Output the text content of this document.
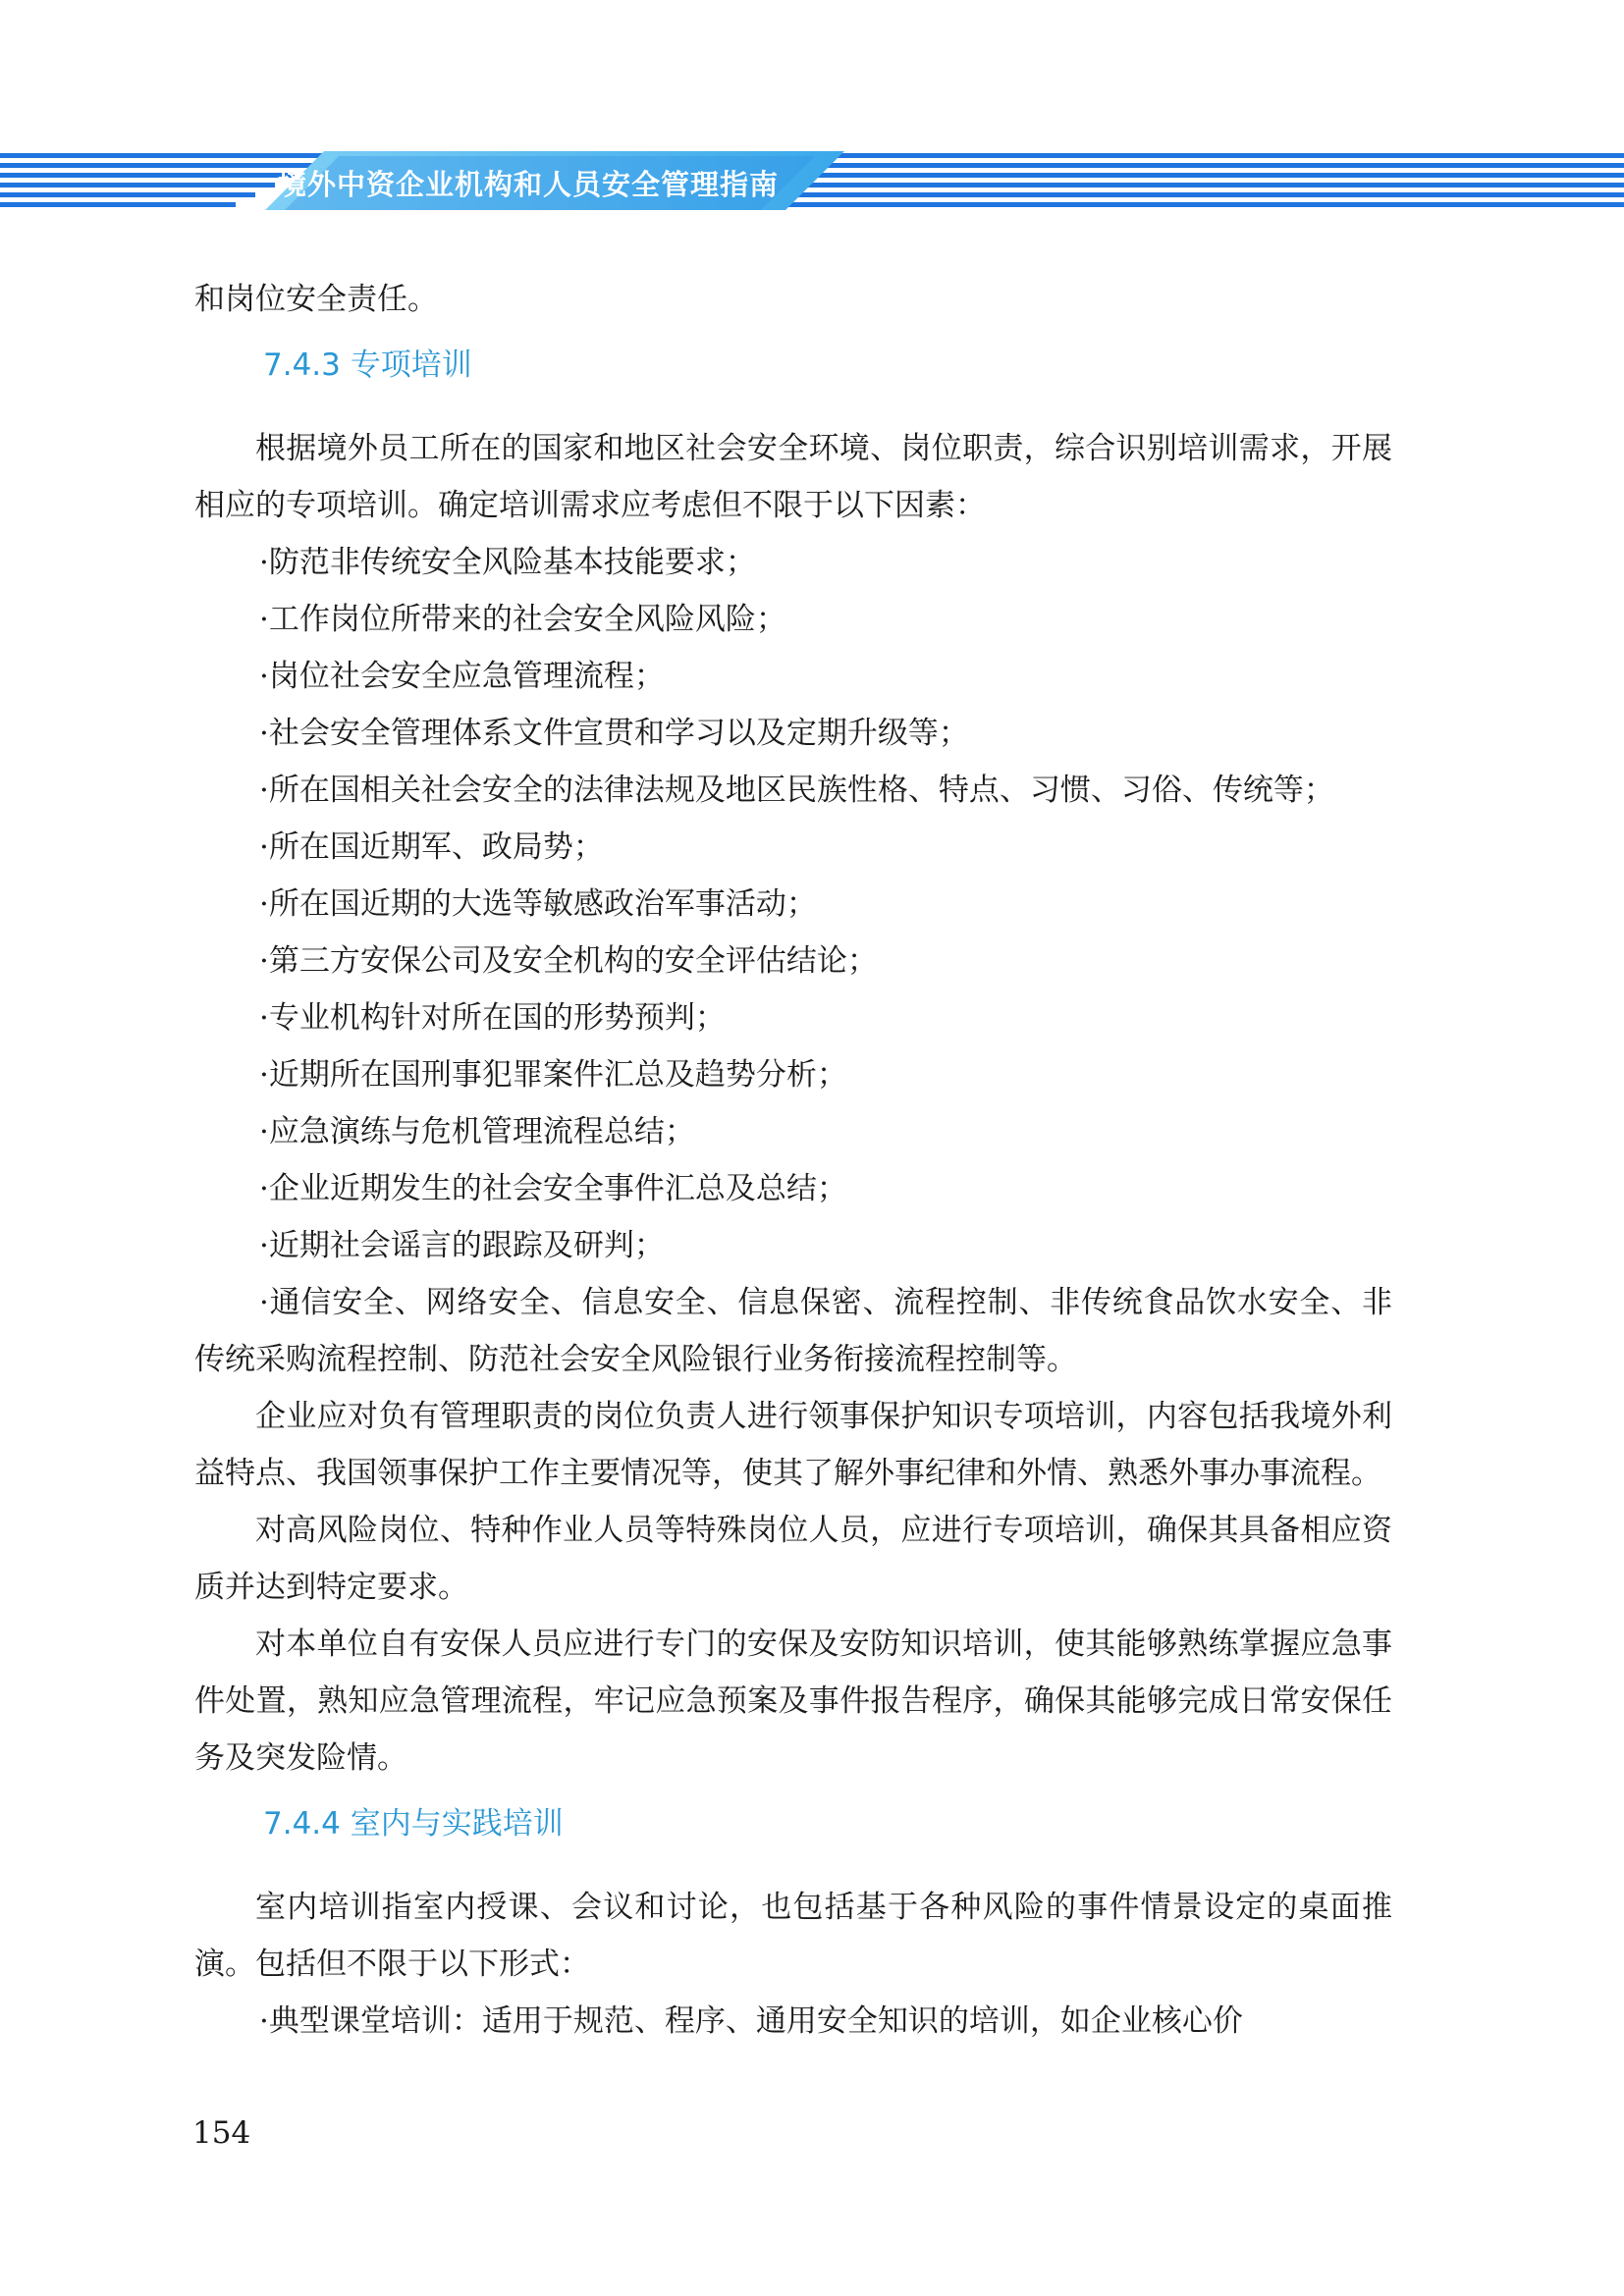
境外中资企业机构和人员安全管理指南

和岗位安全责任。

7.4.3 专项培训

根据境外员工所在的国家和地区社会安全环境、岗位职责，综合识别培训需求，开展相应的专项培训。确定培训需求应考虑但不限于以下因素：

·防范非传统安全风险基本技能要求；

·工作岗位所带来的社会安全风险风险；

·岗位社会安全应急管理流程；

·社会安全管理体系文件宣贯和学习以及定期升级等；

·所在国相关社会安全的法律法规及地区民族性格、特点、习惯、习俗、传统等；

·所在国近期军、政局势；

·所在国近期的大选等敏感政治军事活动；

·第三方安保公司及安全机构的安全评估结论；

·专业机构针对所在国的形势预判；

·近期所在国刑事犯罪案件汇总及趋势分析；

·应急演练与危机管理流程总结；

·企业近期发生的社会安全事件汇总及总结；

·近期社会谣言的跟踪及研判；

·通信安全、网络安全、信息安全、信息保密、流程控制、非传统食品饮水安全、非传统采购流程控制、防范社会安全风险银行业务衔接流程控制等。

企业应对负有管理职责的岗位负责人进行领事保护知识专项培训，内容包括我境外利益特点、我国领事保护工作主要情况等，使其了解外事纪律和外情、熟悉外事办事流程。

对高风险岗位、特种作业人员等特殊岗位人员，应进行专项培训，确保其具备相应资质并达到特定要求。

对本单位自有安保人员应进行专门的安保及安防知识培训，使其能够熟练掌握应急事件处置，熟知应急管理流程，牢记应急预案及事件报告程序，确保其能够完成日常安保任务及突发险情。

7.4.4 室内与实践培训

室内培训指室内授课、会议和讨论，也包括基于各种风险的事件情景设定的桌面推演。包括但不限于以下形式：

·典型课堂培训：适用于规范、程序、通用安全知识的培训，如企业核心价

154
